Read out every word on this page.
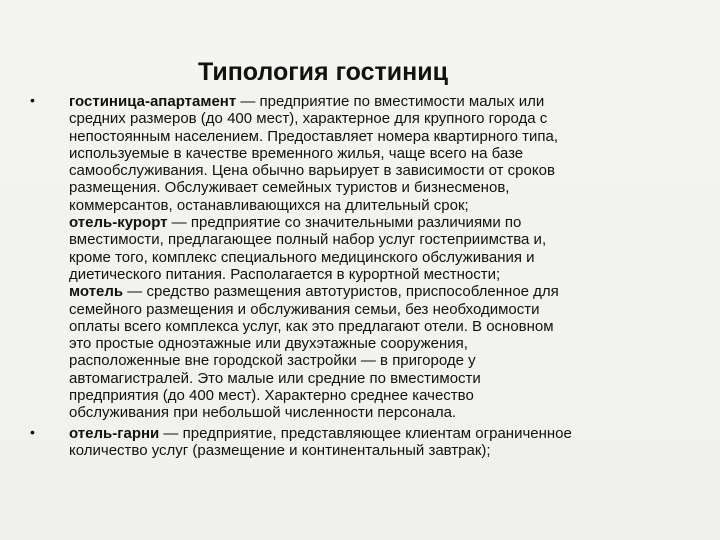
Типология гостиниц
•	гостиница-апартамент — предприятие по вместимости малых или
средних размеров (до 400 мест), характерное для крупного города с
непостоянным населением. Предоставляет номера квартирного типа,
используемые в качестве временного жилья, чаще всего на базе
самообслуживания. Цена обычно варьирует в зависимости от сроков
размещения. Обслуживает семейных туристов и бизнесменов,
коммерсантов, останавливающихся на длительный срок;
отель-курорт — предприятие со значительными различиями по
вместимости, предлагающее полный набор услуг гостеприимства и,
кроме того, комплекс специального медицинского обслуживания и
диетического питания. Располагается в курортной местности;
мотель — средство размещения автотуристов, приспособленное для
семейного размещения и обслуживания семьи, без необходимости
оплаты всего комплекса услуг, как это предлагают отели. В основном
это простые одноэтажные или двухэтажные сооружения,
расположенные вне городской застройки — в пригороде у
автомагистралей. Это малые или средние по вместимости
предприятия (до 400 мест). Характерно среднее качество
обслуживания при небольшой численности персонала.
•	отель-гарни — предприятие, представляющее клиентам ограниченное
количество услуг (размещение и континентальный завтрак);
